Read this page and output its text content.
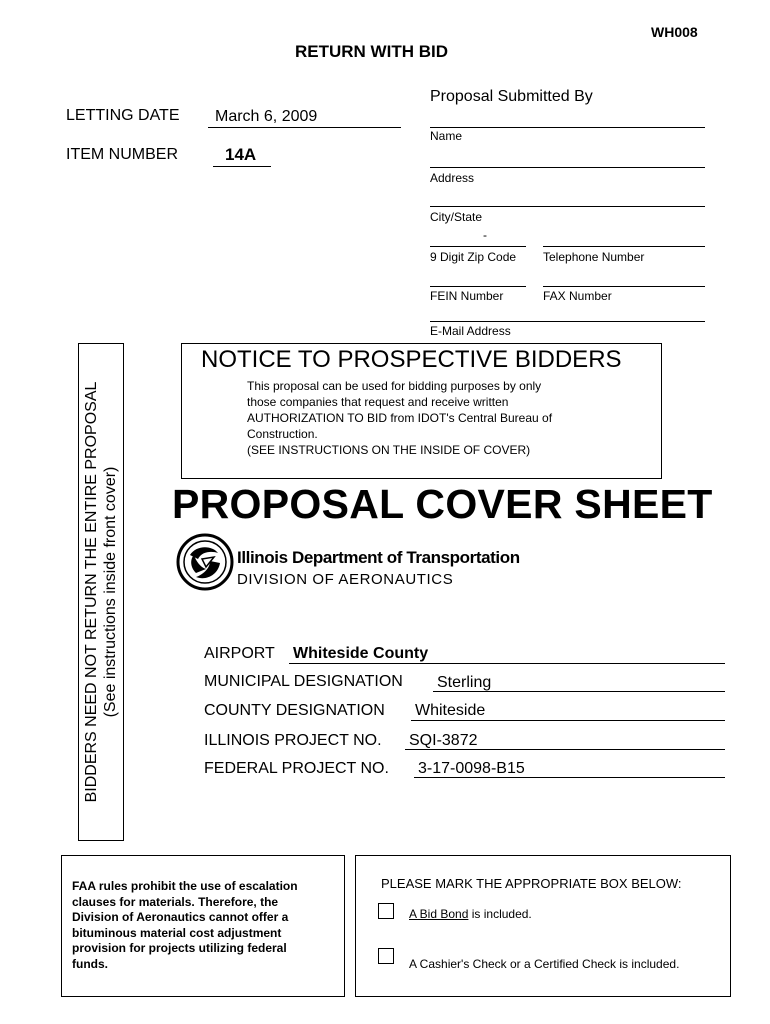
WH008
RETURN WITH BID
LETTING DATE March 6, 2009
ITEM NUMBER	14A
Proposal Submitted By
Name
Address
City/State
-
9 Digit Zip Code Telephone Number
FEIN Number	FAX Number
E-Mail Address
BIDDERS NEED NOT RETURN THE ENTIRE PROPOSAL (See instructions inside front cover)
NOTICE TO PROSPECTIVE BIDDERS
This proposal can be used for bidding purposes by only
those companies that request and receive written
AUTHORIZATION TO BID from IDOT's Central Bureau of
Construction.
(SEE INSTRUCTIONS ON THE INSIDE OF COVER)
PROPOSAL COVER SHEET
Illinois Department of Transportation
DIVISION OF AERONAUTICS
AIRPORT Whiteside County
MUNICIPAL DESIGNATION Sterling
COUNTY DESIGNATION Whiteside
ILLINOIS PROJECT NO. SQI-3872
FEDERAL PROJECT NO. 3-17-0098-B15
FAA rules prohibit the use of escalation
clauses for materials. Therefore, the
Division of Aeronautics cannot offer a
bituminous material cost adjustment
provision for projects utilizing federal
funds.
PLEASE MARK THE APPROPRIATE BOX BELOW:
A Bid Bond is included.
A Cashier's Check or a Certified Check is included.
